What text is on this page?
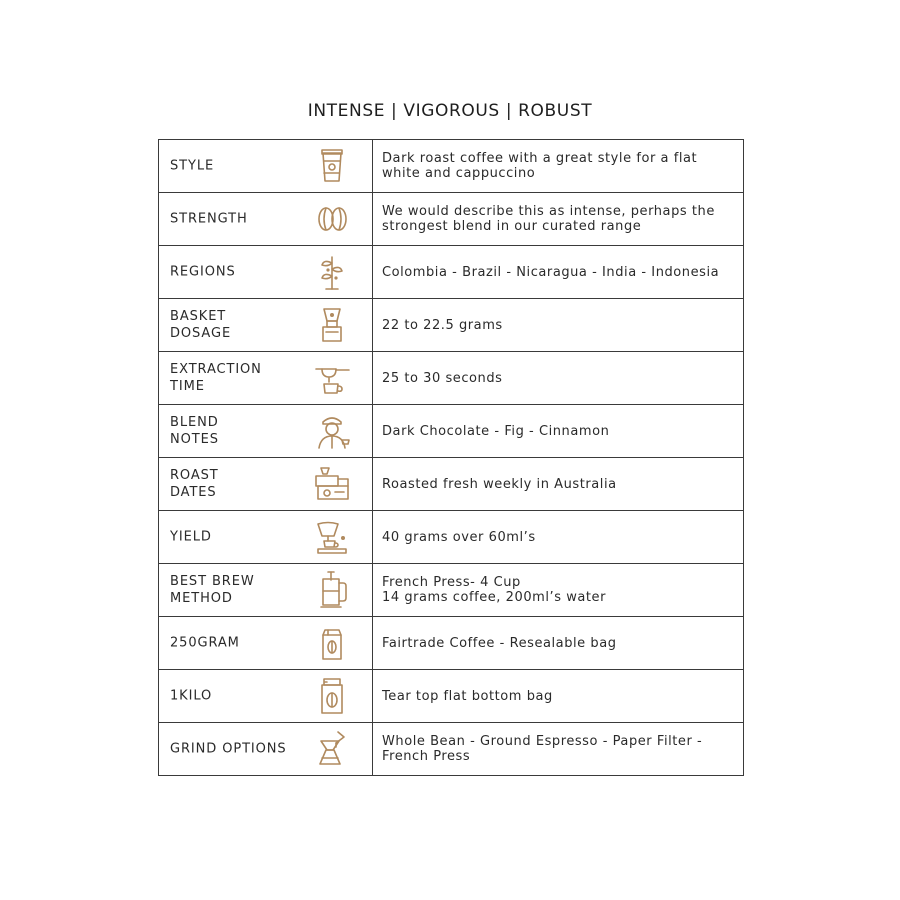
INTENSE | VIGOROUS | ROBUST
STYLE	Dark roast coffee with a great style for a flat
white and cappuccino

STRENGTH	We would describe this as intense, perhaps the
strongest blend in our curated range

REGIONS	Colombia - Brazil - Nicaragua - India - Indonesia

BASKET
DOSAGE	22 to 22.5 grams

EXTRACTION
TIME	25 to 30 seconds

BLEND
NOTES	Dark Chocolate - Fig - Cinnamon

ROAST
DATES	Roasted fresh weekly in Australia

YIELD	40 grams over 60ml’s

BEST BREW
METHOD	French Press- 4 Cup
14 grams coffee, 200ml’s water

250GRAM	Fairtrade Coffee - Resealable bag

1KILO	Tear top flat bottom bag

GRIND OPTIONS	Whole Bean - Ground Espresso - Paper Filter -
French Press
